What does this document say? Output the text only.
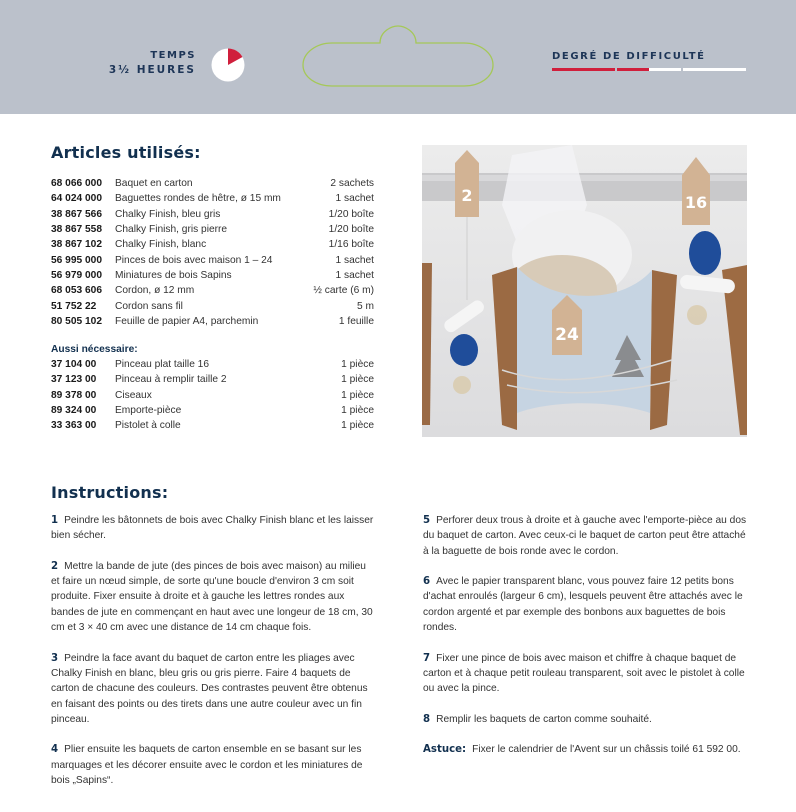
TEMPS
3½ HEURES
DEGRÉ DE DIFFICULTÉ
Articles utilisés:
68 066 000	Baquet en carton	2 sachets
64 024 000	Baguettes rondes de hêtre, ø 15 mm	1 sachet
38 867 566	Chalky Finish, bleu gris	1/20 boîte
38 867 558	Chalky Finish, gris pierre	1/20 boîte
38 867 102	Chalky Finish, blanc	1/16 boîte
56 995 000	Pinces de bois avec maison 1 – 24	1 sachet
56 979 000	Miniatures de bois Sapins	1 sachet
68 053 606	Cordon, ø 12 mm	½ carte (6 m)
51 752 22	Cordon sans fil	5 m
80 505 102	Feuille de papier A4, parchemin	1 feuille
Aussi nécessaire:
37 104 00	Pinceau plat taille 16	1 pièce
37 123 00	Pinceau à remplir taille 2	1 pièce
89 378 00	Ciseaux	1 pièce
89 324 00	Emporte-pièce	1 pièce
33 363 00	Pistolet à colle	1 pièce
24
2	16
Instructions:
1 Peindre les bâtonnets de bois avec Chalky Finish blanc et les laisser bien sécher.
2 Mettre la bande de jute (des pinces de bois avec maison) au milieu et faire un nœud simple, de sorte qu'une boucle d'environ 3 cm soit produite. Fixer ensuite à droite et à gauche les lettres rondes aux bandes de jute en commençant en haut avec une longeur de 18 cm, 30 cm et 3 × 40 cm avec une distance de 14 cm chaque fois.
3 Peindre la face avant du baquet de carton entre les pliages avec Chalky Finish en blanc, bleu gris ou gris pierre. Faire 4 baquets de carton de chacune des couleurs. Des contrastes peuvent être obtenus en faisant des points ou des tirets dans une autre couleur avec un fin pinceau.
4 Plier ensuite les baquets de carton ensemble en se basant sur les marquages et les décorer ensuite avec le cordon et les miniatures de bois „Sapins“.
5 Perforer deux trous à droite et à gauche avec l'emporte-pièce au dos du baquet de carton. Avec ceux-ci le baquet de carton peut être attaché à la baguette de bois ronde avec le cordon.
6 Avec le papier transparent blanc, vous pouvez faire 12 petits bons d'achat enroulés (largeur 6 cm), lesquels peuvent être attachés avec le cordon argenté et par exemple des bonbons aux baguettes de bois rondes.
7 Fixer une pince de bois avec maison et chiffre à chaque baquet de carton et à chaque petit rouleau transparent, soit avec le pistolet à colle ou avec la pince.
8 Remplir les baquets de carton comme souhaité.
Astuce: Fixer le calendrier de l'Avent sur un châssis toilé 61 592 00.
